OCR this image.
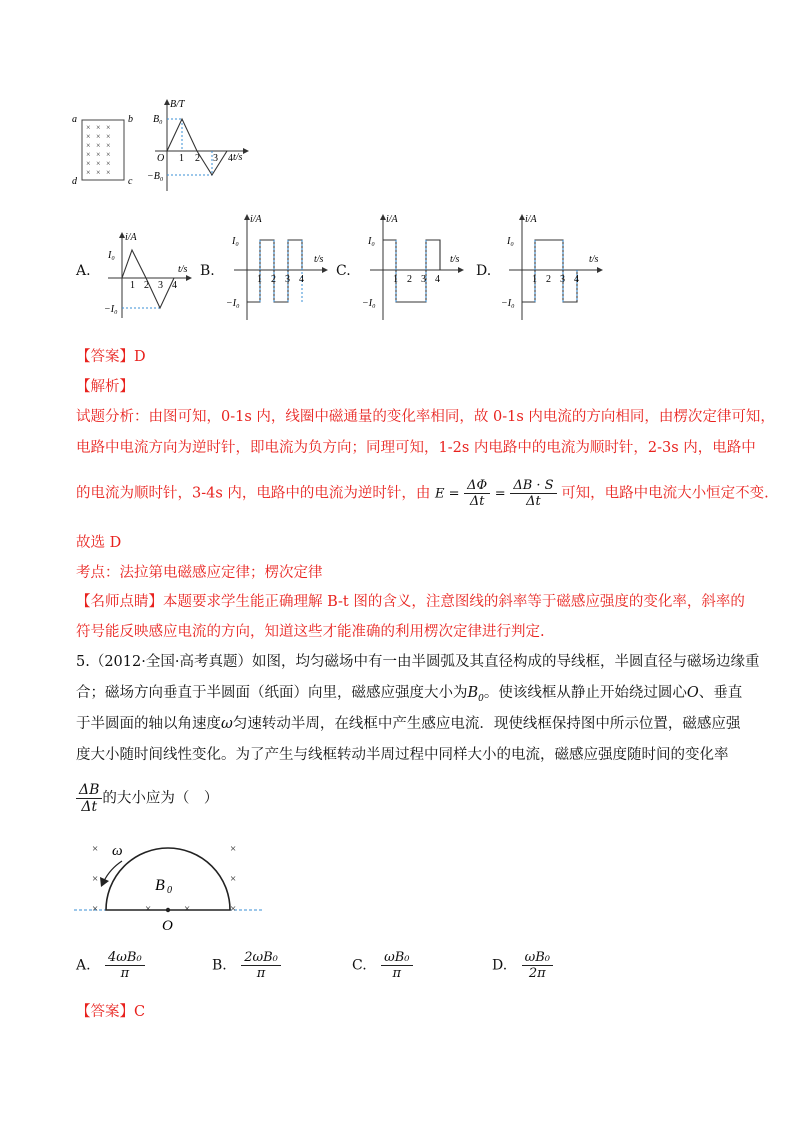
a	b
d	c
× × ×
× × ×
× × ×
× × ×
× × ×
× × ×
B/T
t/s
O
B₀
−B₀
1 2 3 4
A.
i/A
t/s
I₀
−I₀
1 2 3 4
B.
i/A
t/s
I₀
−I₀
1 2 3 4
C.
i/A
t/s
I₀
−I₀
1 2 3 4
D.
i/A
t/s
I₀
−I₀
1 2 3 4
【答案】D
【解析】
试题分析：由图可知，0-1s 内，线圈中磁通量的变化率相同，故 0-1s 内电流的方向相同，由楞次定律可知，
电路中电流方向为逆时针，即电流为负方向；同理可知，1-2s 内电路中的电流为顺时针，2-3s 内，电路中
的电流为顺时针，3-4s 内，电路中的电流为逆时针，由 $E = \frac{\Delta\Phi}{\Delta t} = \frac{\Delta B \cdot S}{\Delta t}$ 可知，电路中电流大小恒定不变.
故选 D
考点：法拉第电磁感应定律；楞次定律
【名师点睛】本题要求学生能正确理解 B-t 图的含义，注意图线的斜率等于磁感应强度的变化率，斜率的
符号能反映感应电流的方向，知道这些才能准确的利用楞次定律进行判定.
5.（2012·全国·高考真题）如图，均匀磁场中有一由半圆弧及其直径构成的导线框，半圆直径与磁场边缘重
合；磁场方向垂直于半圆面（纸面）向里，磁感应强度大小为$B_0$。使该线框从静止开始绕过圆心O、垂直
于半圆面的轴以角速度ω匀速转动半周，在线框中产生感应电流．现使线框保持图中所示位置，磁感应强
度大小随时间线性变化。为了产生与线框转动半周过程中同样大小的电流，磁感应强度随时间的变化率
$\frac{\Delta B}{\Delta t}$ 的大小应为（　）
ω
B 0
O
×	×
×	×
×	×	×	×
A. $\frac{\text{4ωB₀}}{\pi}$	B. $\frac{\text{2ωB₀}}{\pi}$	C. $\frac{\text{ωB₀}}{\pi}$	D. $\frac{\text{ωB₀}}{2\pi}$
【答案】C
